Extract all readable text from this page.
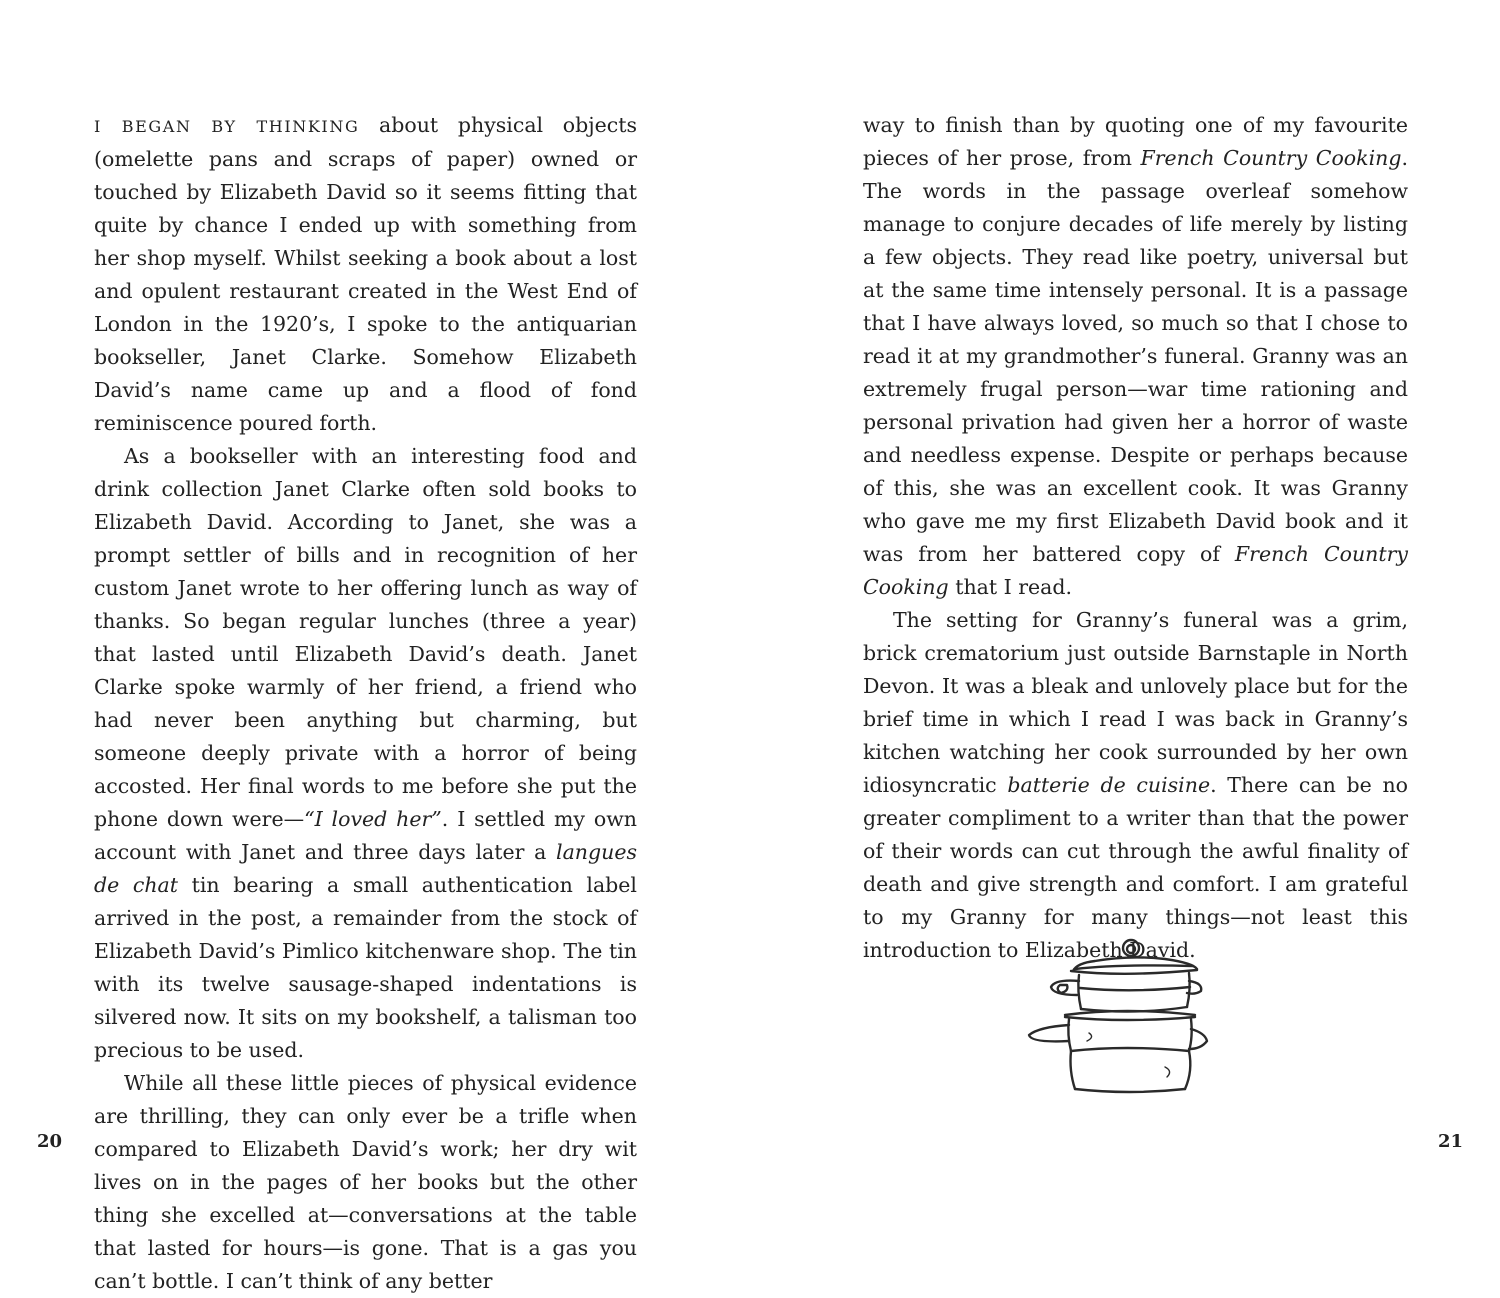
I BEGAN BY THINKING about physical objects (omelette pans and scraps of paper) owned or touched by Elizabeth David so it seems fitting that quite by chance I ended up with something from her shop myself. Whilst seeking a book about a lost and opulent restaurant created in the West End of London in the 1920’s, I spoke to the antiquarian bookseller, Janet Clarke. Somehow Elizabeth David’s name came up and a flood of fond reminiscence poured forth.

As a bookseller with an interesting food and drink collection Janet Clarke often sold books to Elizabeth David. According to Janet, she was a prompt settler of bills and in recognition of her custom Janet wrote to her offering lunch as way of thanks. So began regular lunches (three a year) that lasted until Elizabeth David’s death. Janet Clarke spoke warmly of her friend, a friend who had never been anything but charming, but someone deeply private with a horror of being accosted. Her final words to me before she put the phone down were—“I loved her”. I settled my own account with Janet and three days later a langues de chat tin bearing a small authentication label arrived in the post, a remainder from the stock of Elizabeth David’s Pimlico kitchenware shop. The tin with its twelve sausage-shaped indentations is silvered now. It sits on my bookshelf, a talisman too precious to be used.

While all these little pieces of physical evidence are thrilling, they can only ever be a trifle when compared to Elizabeth David’s work; her dry wit lives on in the pages of her books but the other thing she excelled at—conversations at the table that lasted for hours—is gone. That is a gas you can’t bottle. I can’t think of any better

20

way to finish than by quoting one of my favourite pieces of her prose, from French Country Cooking. The words in the passage overleaf somehow manage to conjure decades of life merely by listing a few objects. They read like poetry, universal but at the same time intensely personal. It is a passage that I have always loved, so much so that I chose to read it at my grandmother’s funeral. Granny was an extremely frugal person—war time rationing and personal privation had given her a horror of waste and needless expense. Despite or perhaps because of this, she was an excellent cook. It was Granny who gave me my first Elizabeth David book and it was from her battered copy of French Country Cooking that I read.

The setting for Granny’s funeral was a grim, brick crematorium just outside Barnstaple in North Devon. It was a bleak and unlovely place but for the brief time in which I read I was back in Granny’s kitchen watching her cook surrounded by her own idiosyncratic batterie de cuisine. There can be no greater compliment to a writer than that the power of their words can cut through the awful finality of death and give strength and comfort. I am grateful to my Granny for many things—not least this introduction to Elizabeth David.

21
